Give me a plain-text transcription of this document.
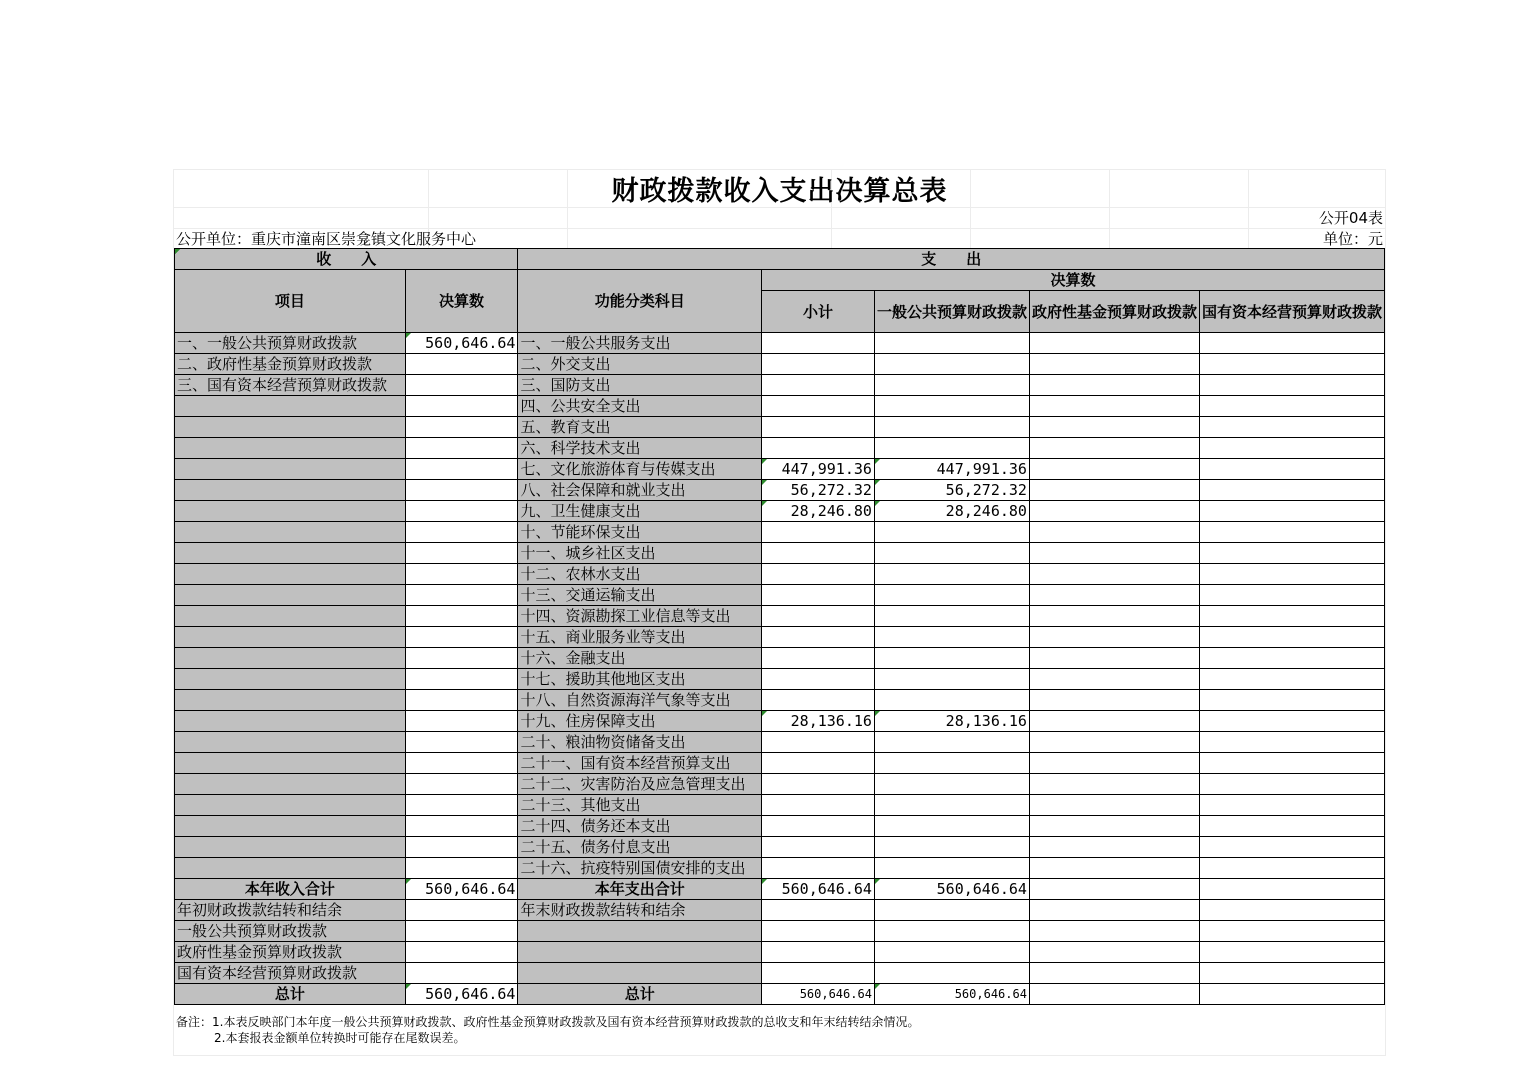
财政拨款收入支出决算总表
公开04表
公开单位：重庆市潼南区崇龛镇文化服务中心	单位：元
收　　入		支　　出				
项目	决算数	功能分类科目	决算数			
			小计	一般公共预算财政拨款	政府性基金预算财政拨款	国有资本经营预算财政拨款

一、一般公共预算财政拨款	560,646.64	一、一般公共服务支出				
二、政府性基金预算财政拨款		二、外交支出				
三、国有资本经营预算财政拨款		三、国防支出				
		四、公共安全支出				
		五、教育支出				
		六、科学技术支出				
		七、文化旅游体育与传媒支出	447,991.36	447,991.36

		八、社会保障和就业支出	56,272.32	56,272.32

		九、卫生健康支出	28,246.80	28,246.80

		十、节能环保支出				
		十一、城乡社区支出				
		十二、农林水支出				
		十三、交通运输支出				
		十四、资源勘探工业信息等支出				
		十五、商业服务业等支出				
		十六、金融支出				
		十七、援助其他地区支出				
		十八、自然资源海洋气象等支出				
		十九、住房保障支出	28,136.16	28,136.16

		二十、粮油物资储备支出				
		二十一、国有资本经营预算支出				
		二十二、灾害防治及应急管理支出				
		二十三、其他支出				
		二十四、债务还本支出				
		二十五、债务付息支出				
		二十六、抗疫特别国债安排的支出				
本年收入合计	560,646.64	本年支出合计	560,646.64	560,646.64

年初财政拨款结转和结余		年末财政拨款结转和结余				
一般公共预算财政拨款

政府性基金预算财政拨款

国有资本经营预算财政拨款

总计	560,646.64	总计	560,646.64	560,646.64

备注：1.本表反映部门本年度一般公共预算财政拨款、政府性基金预算财政拨款及国有资本经营预算财政拨款的总收支和年末结转结余情况。
2.本套报表金额单位转换时可能存在尾数误差。
